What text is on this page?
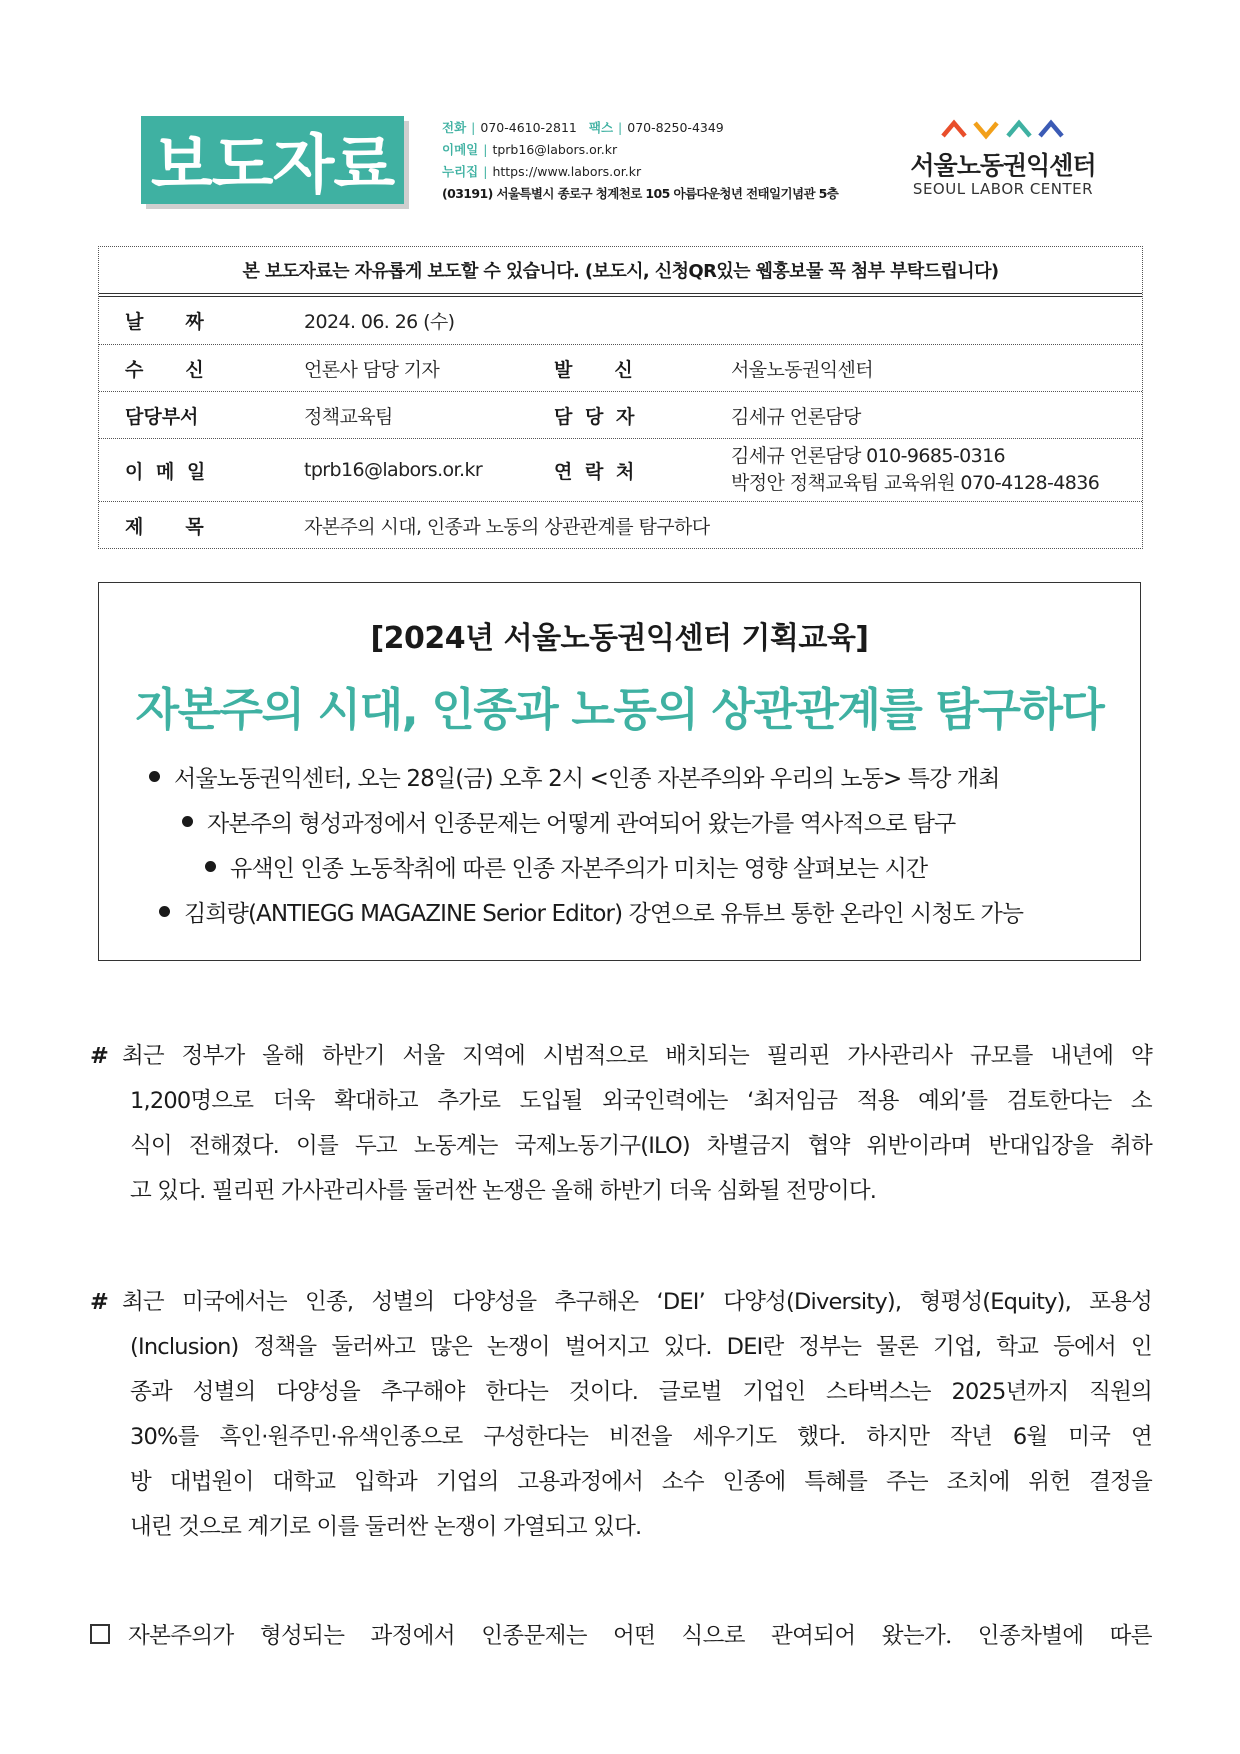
보도자료
전화 | 070-4610-2811 팩스 | 070-8250-4349
이메일 | tprb16@labors.or.kr
누리집 | https://www.labors.or.kr
(03191) 서울특별시 종로구 청계천로 105 아름다운청년 전태일기념관 5층
서울노동권익센터
SEOUL LABOR CENTER
본 보도자료는 자유롭게 보도할 수 있습니다. (보도시, 신청QR있는 웹홍보물 꼭 첨부 부탁드립니다)
날 짜	2024. 06. 26 (수)
수 신	언론사 담당 기자	발 신	서울노동권익센터
담당부서	정책교육팀	담 당 자	김세규 언론담당
이 메 일	tprb16@labors.or.kr	연 락 처
김세규 언론담당 010-9685-0316
박정안 정책교육팀 교육위원 070-4128-4836
제 목	자본주의 시대, 인종과 노동의 상관관계를 탐구하다
[2024년 서울노동권익센터 기획교육]
자본주의 시대, 인종과 노동의 상관관계를 탐구하다
서울노동권익센터, 오는 28일(금) 오후 2시 <인종 자본주의와 우리의 노동> 특강 개최
자본주의 형성과정에서 인종문제는 어떻게 관여되어 왔는가를 역사적으로 탐구
유색인 인종 노동착취에 따른 인종 자본주의가 미치는 영향 살펴보는 시간
김희량(ANTIEGG MAGAZINE Serior Editor) 강연으로 유튜브 통한 온라인 시청도 가능
# 최근 정부가 올해 하반기 서울 지역에 시범적으로 배치되는 필리핀 가사관리사 규모를 내년에 약
1,200명으로 더욱 확대하고 추가로 도입될 외국인력에는 ‘최저임금 적용 예외’를 검토한다는 소
식이 전해졌다. 이를 두고 노동계는 국제노동기구(ILO) 차별금지 협약 위반이라며 반대입장을 취하
고 있다. 필리핀 가사관리사를 둘러싼 논쟁은 올해 하반기 더욱 심화될 전망이다.
# 최근 미국에서는 인종, 성별의 다양성을 추구해온 ‘DEI’ 다양성(Diversity), 형평성(Equity), 포용성
(Inclusion) 정책을 둘러싸고 많은 논쟁이 벌어지고 있다. DEI란 정부는 물론 기업, 학교 등에서 인
종과 성별의 다양성을 추구해야 한다는 것이다. 글로벌 기업인 스타벅스는 2025년까지 직원의
30%를 흑인·원주민·유색인종으로 구성한다는 비전을 세우기도 했다. 하지만 작년 6월 미국 연
방 대법원이 대학교 입학과 기업의 고용과정에서 소수 인종에 특혜를 주는 조치에 위헌 결정을
내린 것으로 계기로 이를 둘러싼 논쟁이 가열되고 있다.
자본주의가 형성되는 과정에서 인종문제는 어떤 식으로 관여되어 왔는가. 인종차별에 따른
